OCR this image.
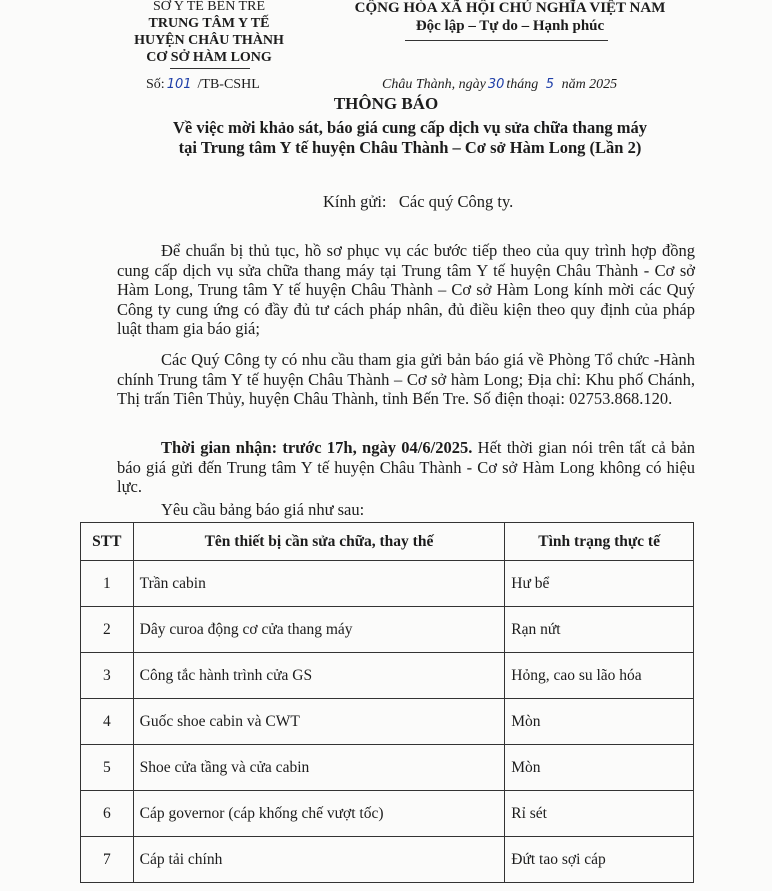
SỞ Y TẾ BẾN TRE
TRUNG TÂM Y TẾ
HUYỆN CHÂU THÀNH
CƠ SỞ HÀM LONG
Số: 101 /TB-CSHL
CỘNG HÒA XÃ HỘI CHỦ NGHĨA VIỆT NAM
Độc lập – Tự do – Hạnh phúc
Châu Thành, ngày 30 tháng 5 năm 2025
THÔNG BÁO
Về việc mời khảo sát, báo giá cung cấp dịch vụ sửa chữa thang máy
tại Trung tâm Y tế huyện Châu Thành – Cơ sở Hàm Long (Lần 2)
Kính gửi:   Các quý Công ty.
Để chuẩn bị thủ tục, hồ sơ phục vụ các bước tiếp theo của quy trình hợp đồng cung cấp dịch vụ sửa chữa thang máy tại Trung tâm Y tế huyện Châu Thành - Cơ sở Hàm Long, Trung tâm Y tế huyện Châu Thành – Cơ sở Hàm Long kính mời các Quý Công ty cung ứng có đầy đủ tư cách pháp nhân, đủ điều kiện theo quy định của pháp luật tham gia báo giá;
Các Quý Công ty có nhu cầu tham gia gửi bản báo giá về Phòng Tổ chức -Hành chính Trung tâm Y tế huyện Châu Thành – Cơ sở hàm Long; Địa chỉ: Khu phố Chánh, Thị trấn Tiên Thủy, huyện Châu Thành, tỉnh Bến Tre. Số điện thoại: 02753.868.120.
Thời gian nhận: trước 17h, ngày 04/6/2025. Hết thời gian nói trên tất cả bản báo giá gửi đến Trung tâm Y tế huyện Châu Thành - Cơ sở Hàm Long không có hiệu lực.
Yêu cầu bảng báo giá như sau:
STT	Tên thiết bị cần sửa chữa, thay thế	Tình trạng thực tế
1	Trần cabin	Hư bể
2	Dây curoa động cơ cửa thang máy	Rạn nứt
3	Công tắc hành trình cửa GS	Hỏng, cao su lão hóa
4	Guốc shoe cabin và CWT	Mòn
5	Shoe cửa tầng và cửa cabin	Mòn
6	Cáp governor (cáp khống chế vượt tốc)	Rỉ sét
7	Cáp tải chính	Đứt tao sợi cáp
